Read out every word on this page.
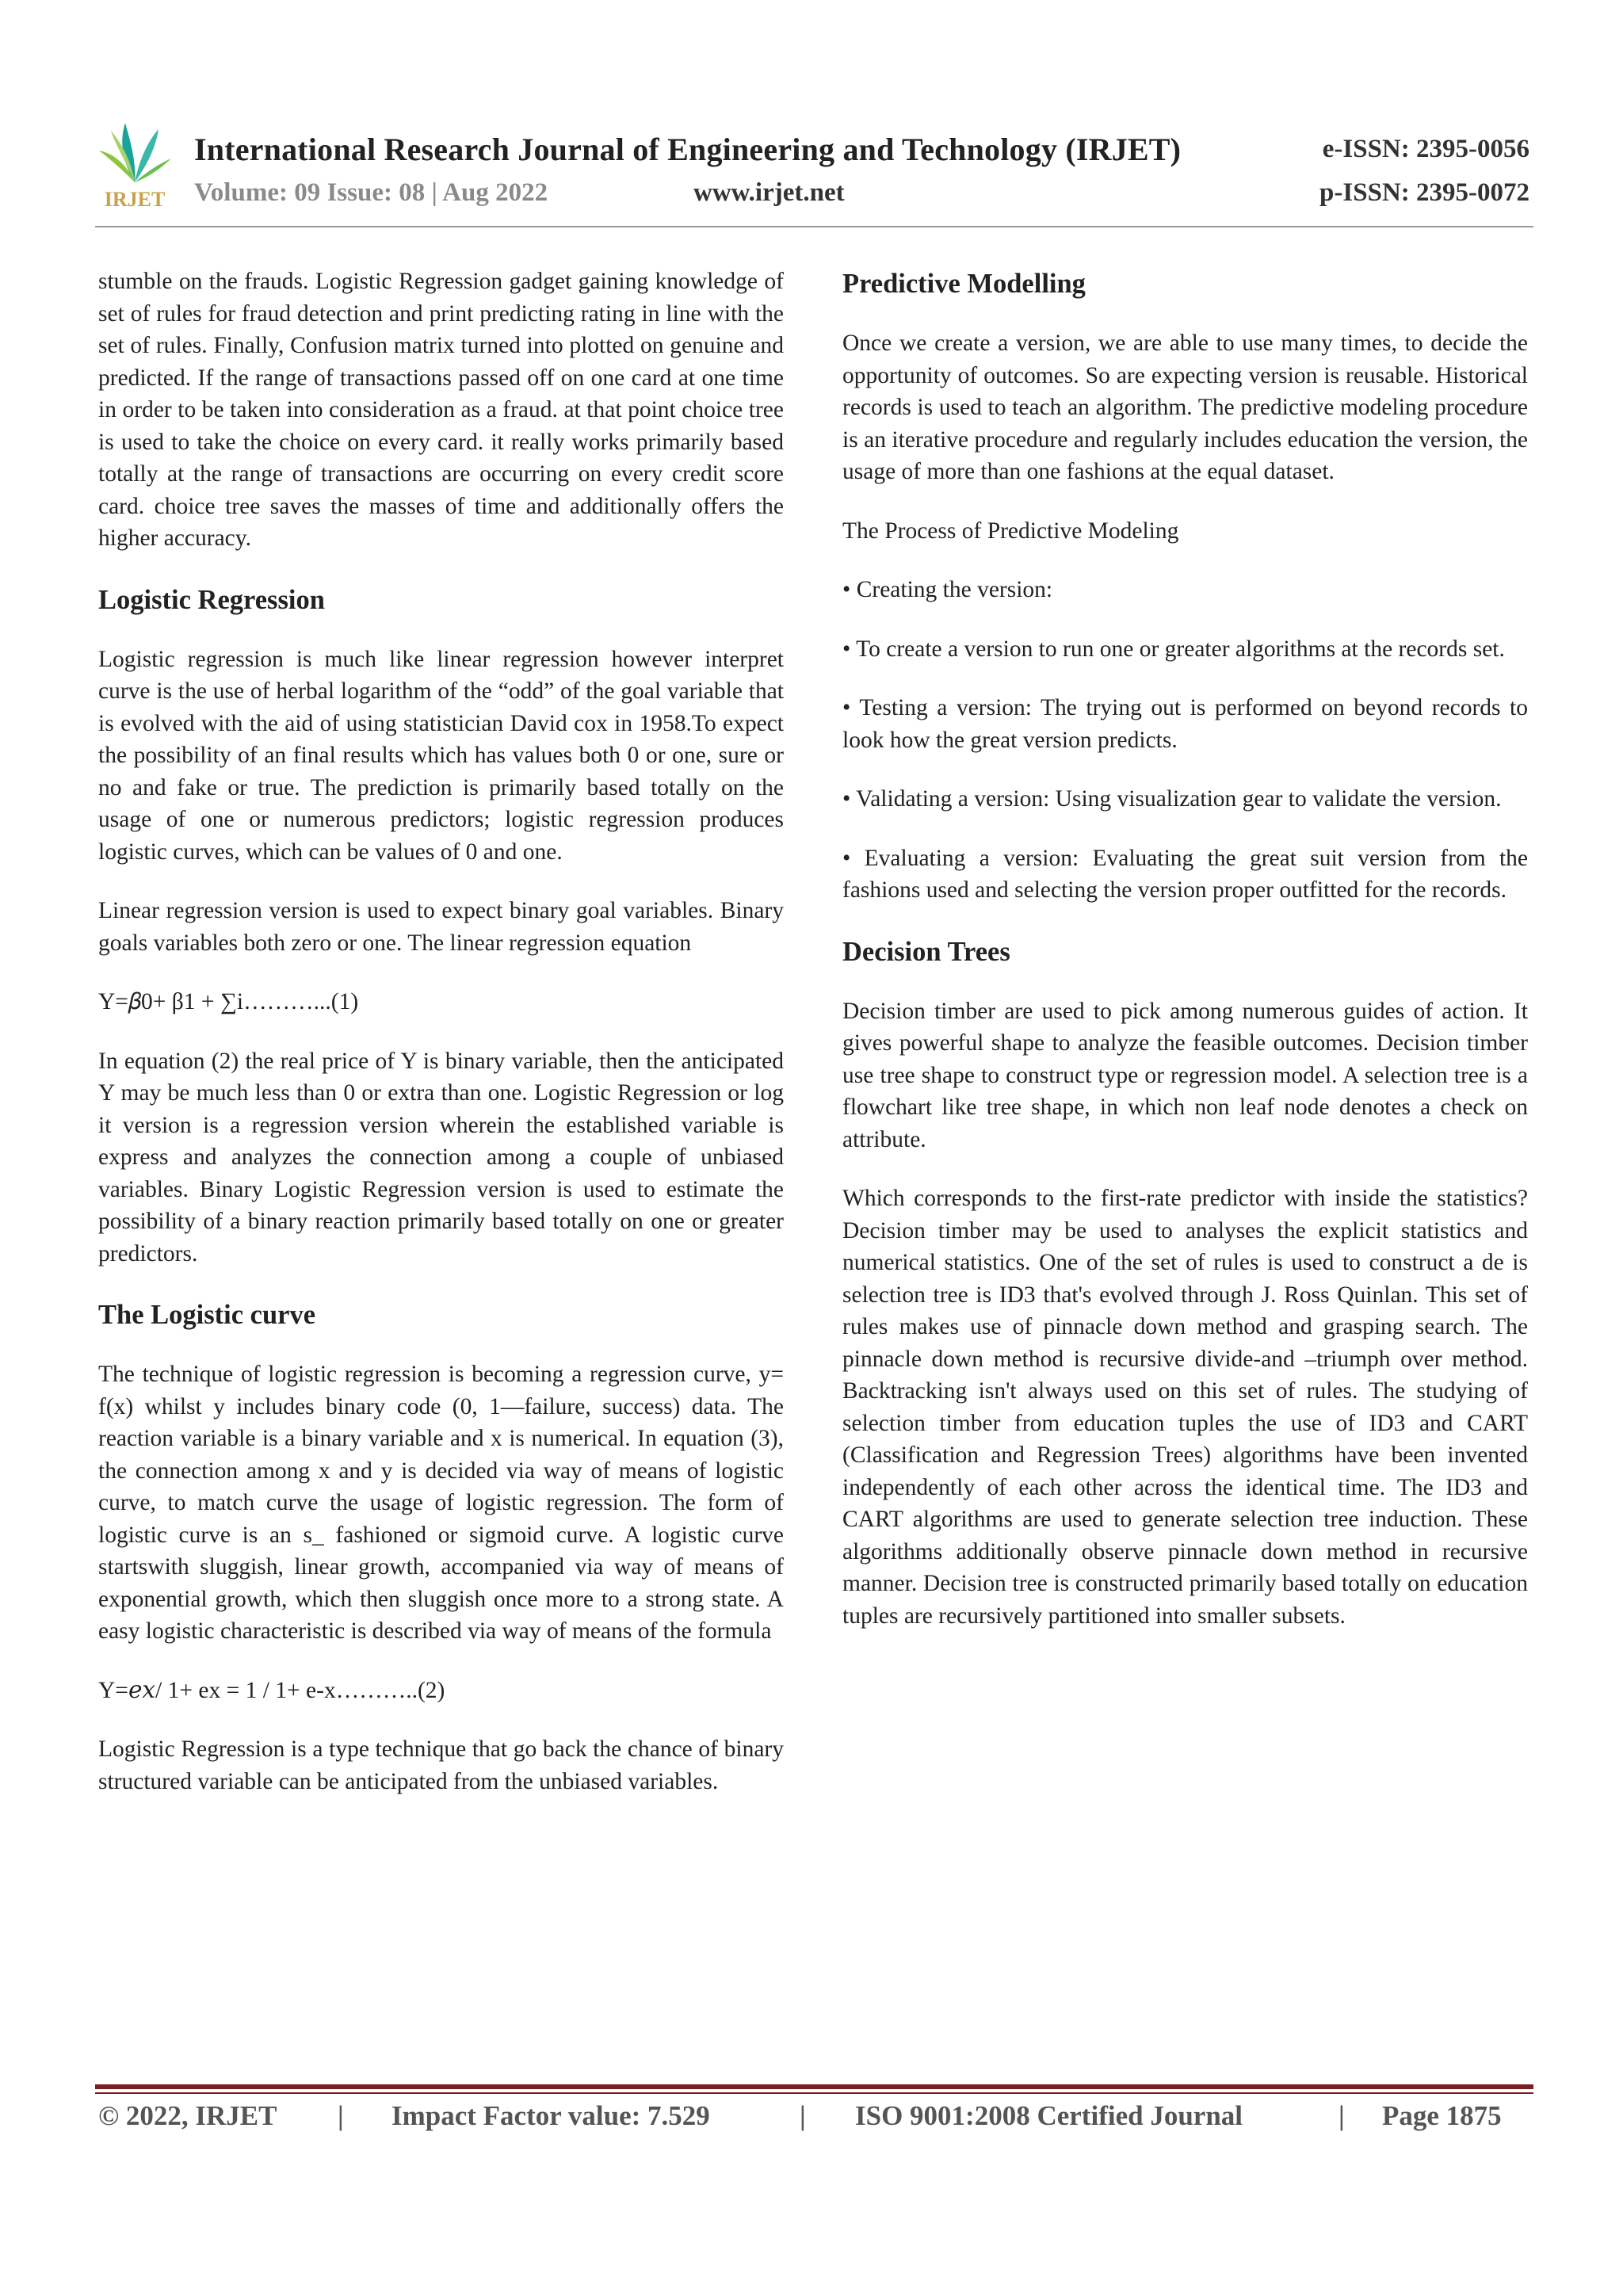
IRJET
International Research Journal of Engineering and Technology (IRJET)
Volume: 09 Issue: 08 | Aug 2022	www.irjet.net
e-ISSN: 2395-0056
p-ISSN: 2395-0072

stumble on the frauds. Logistic Regression gadget gaining knowledge of set of rules for fraud detection and print predicting rating in line with the set of rules. Finally, Confusion matrix turned into plotted on genuine and predicted. If the range of transactions passed off on one card at one time in order to be taken into consideration as a fraud. at that point choice tree is used to take the choice on every card. it really works primarily based totally at the range of transactions are occurring on every credit score card. choice tree saves the masses of time and additionally offers the higher accuracy.

Logistic Regression

Logistic regression is much like linear regression however interpret curve is the use of herbal logarithm of the “odd” of the goal variable that is evolved with the aid of using statistician David cox in 1958.To expect the possibility of an final results which has values both 0 or one, sure or no and fake or true. The prediction is primarily based totally on the usage of one or numerous predictors; logistic regression produces logistic curves, which can be values of 0 and one.

Linear regression version is used to expect binary goal variables. Binary goals variables both zero or one. The linear regression equation

Y=𝛽0+ β1 + ∑i………...(1)

In equation (2) the real price of Y is binary variable, then the anticipated Y may be much less than 0 or extra than one. Logistic Regression or log it version is a regression version wherein the established variable is express and analyzes the connection among a couple of unbiased variables. Binary Logistic Regression version is used to estimate the possibility of a binary reaction primarily based totally on one or greater predictors.

The Logistic curve

The technique of logistic regression is becoming a regression curve, y= f(x) whilst y includes binary code (0, 1—failure, success) data. The reaction variable is a binary variable and x is numerical. In equation (3), the connection among x and y is decided via way of means of logistic curve, to match curve the usage of logistic regression. The form of logistic curve is an s_ fashioned or sigmoid curve. A logistic curve startswith sluggish, linear growth, accompanied via way of means of exponential growth, which then sluggish once more to a strong state. A easy logistic characteristic is described via way of means of the formula

Y=𝑒𝑥/ 1+ ex = 1 / 1+ e-x………..(2)

Logistic Regression is a type technique that go back the chance of binary structured variable can be anticipated from the unbiased variables.

Predictive Modelling

Once we create a version, we are able to use many times, to decide the opportunity of outcomes. So are expecting version is reusable. Historical records is used to teach an algorithm. The predictive modeling procedure is an iterative procedure and regularly includes education the version, the usage of more than one fashions at the equal dataset.

The Process of Predictive Modeling

• Creating the version:

• To create a version to run one or greater algorithms at the records set.

• Testing a version: The trying out is performed on beyond records to look how the great version predicts.

• Validating a version: Using visualization gear to validate the version.

• Evaluating a version: Evaluating the great suit version from the fashions used and selecting the version proper outfitted for the records.

Decision Trees

Decision timber are used to pick among numerous guides of action. It gives powerful shape to analyze the feasible outcomes. Decision timber use tree shape to construct type or regression model. A selection tree is a flowchart like tree shape, in which non leaf node denotes a check on attribute.

Which corresponds to the first-rate predictor with inside the statistics? Decision timber may be used to analyses the explicit statistics and numerical statistics. One of the set of rules is used to construct a de is selection tree is ID3 that's evolved through J. Ross Quinlan. This set of rules makes use of pinnacle down method and grasping search. The pinnacle down method is recursive divide-and –triumph over method. Backtracking isn't always used on this set of rules. The studying of selection timber from education tuples the use of ID3 and CART (Classification and Regression Trees) algorithms have been invented independently of each other across the identical time. The ID3 and CART algorithms are used to generate selection tree induction. These algorithms additionally observe pinnacle down method in recursive manner. Decision tree is constructed primarily based totally on education tuples are recursively partitioned into smaller subsets.

© 2022, IRJET | Impact Factor value: 7.529	| ISO 9001:2008 Certified Journal	| Page 1875
